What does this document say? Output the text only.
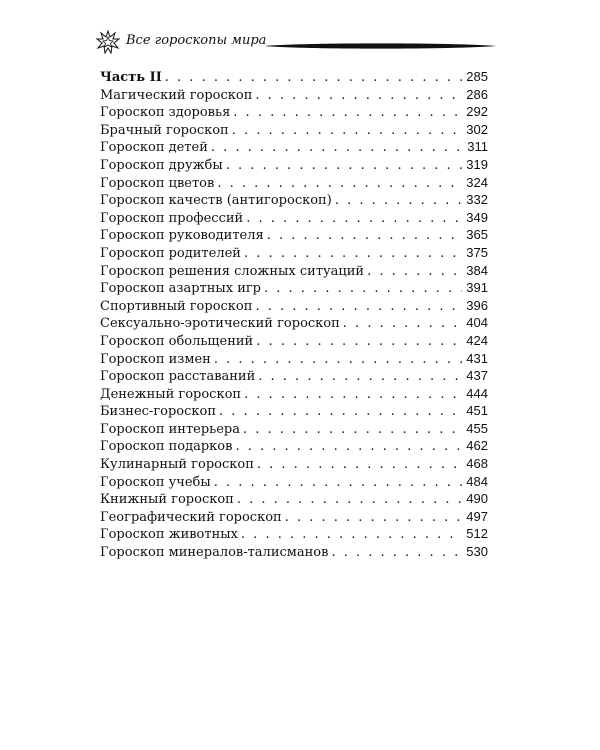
Все гороскопы мира
Часть II . . .	285
Магический гороскоп . . .	286
Гороскоп здоровья . . .	292
Брачный гороскоп . . .	302
Гороскоп детей . . .	311
Гороскоп дружбы . . .	319
Гороскоп цветов . . .	324
Гороскоп качеств (антигороскоп) . . .	332
Гороскоп профессий . . .	349
Гороскоп руководителя . . .	365
Гороскоп родителей . . .	375
Гороскоп решения сложных ситуаций . . .	384
Гороскоп азартных игр . . .	391
Спортивный гороскоп . . .	396
Сексуально-эротический гороскоп . . .	404
Гороскоп обольщений . . .	424
Гороскоп измен . . .	431
Гороскоп расставаний . . .	437
Денежный гороскоп . . .	444
Бизнес-гороскоп . . .	451
Гороскоп интерьера . . .	455
Гороскоп подарков . . .	462
Кулинарный гороскоп . . .	468
Гороскоп учебы . . .	484
Книжный гороскоп . . .	490
Географический гороскоп . . .	497
Гороскоп животных . . .	512
Гороскоп минералов-талисманов . . .	530
